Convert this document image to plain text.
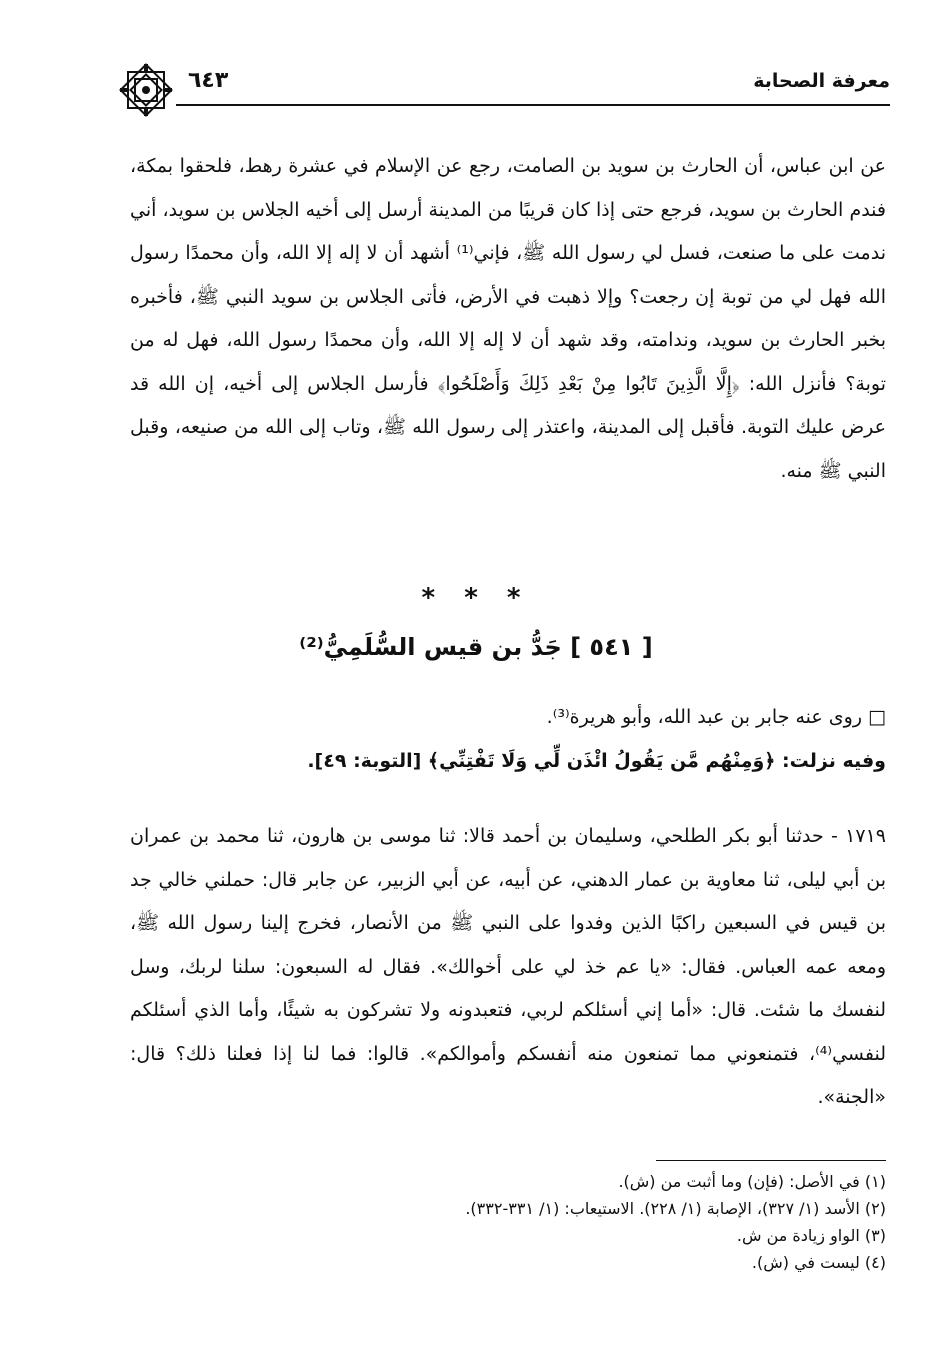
معرفة الصحابة
٦٤٣

عن ابن عباس، أن الحارث بن سويد بن الصامت، رجع عن الإسلام في عشرة رهط، فلحقوا بمكة، فندم الحارث بن سويد، فرجع حتى إذا كان قريبًا من المدينة أرسل إلى أخيه الجلاس بن سويد، أني ندمت على ما صنعت، فسل لي رسول الله ﷺ، فإني⁽¹⁾ أشهد أن لا إله إلا الله، وأن محمدًا رسول الله فهل لي من توبة إن رجعت؟ وإلا ذهبت في الأرض، فأتى الجلاس بن سويد النبي ﷺ، فأخبره بخبر الحارث بن سويد، وندامته، وقد شهد أن لا إله إلا الله، وأن محمدًا رسول الله، فهل له من توبة؟ فأنزل الله: ﴿إِلَّا الَّذِينَ تَابُوا مِنْ بَعْدِ ذَلِكَ وَأَصْلَحُوا﴾ فأرسل الجلاس إلى أخيه، إن الله قد عرض عليك التوبة. فأقبل إلى المدينة، واعتذر إلى رسول الله ﷺ، وتاب إلى الله من صنيعه، وقبل النبي ﷺ منه.

* * *
[ ٥٤١ ] جَدُّ بن قيس السُّلَمِيُّ⁽²⁾

□ روى عنه جابر بن عبد الله، وأبو هريرة⁽³⁾.

وفيه نزلت: ﴿وَمِنْهُم مَّن يَقُولُ ائْذَن لِّي وَلَا تَفْتِنِّي﴾ [التوبة: ٤٩].

١٧١٩ - حدثنا أبو بكر الطلحي، وسليمان بن أحمد قالا: ثنا موسى بن هارون، ثنا محمد بن عمران بن أبي ليلى، ثنا معاوية بن عمار الدهني، عن أبيه، عن أبي الزبير، عن جابر قال: حملني خالي جد بن قيس في السبعين راكبًا الذين وفدوا على النبي ﷺ من الأنصار، فخرج إلينا رسول الله ﷺ، ومعه عمه العباس. فقال: «يا عم خذ لي على أخوالك». فقال له السبعون: سلنا لربك، وسل لنفسك ما شئت. قال: «أما إني أسئلكم لربي، فتعبدونه ولا تشركون به شيئًا، وأما الذي أسئلكم لنفسي⁽⁴⁾، فتمنعوني مما تمنعون منه أنفسكم وأموالكم». قالوا: فما لنا إذا فعلنا ذلك؟ قال: «الجنة».

(١) في الأصل: (فإن) وما أثبت من (ش).
(٢) الأسد (١/ ٣٢٧)، الإصابة (١/ ٢٢٨). الاستيعاب: (١/ ٣٣١-٣٣٢).
(٣) الواو زيادة من ش.
(٤) ليست في (ش).
